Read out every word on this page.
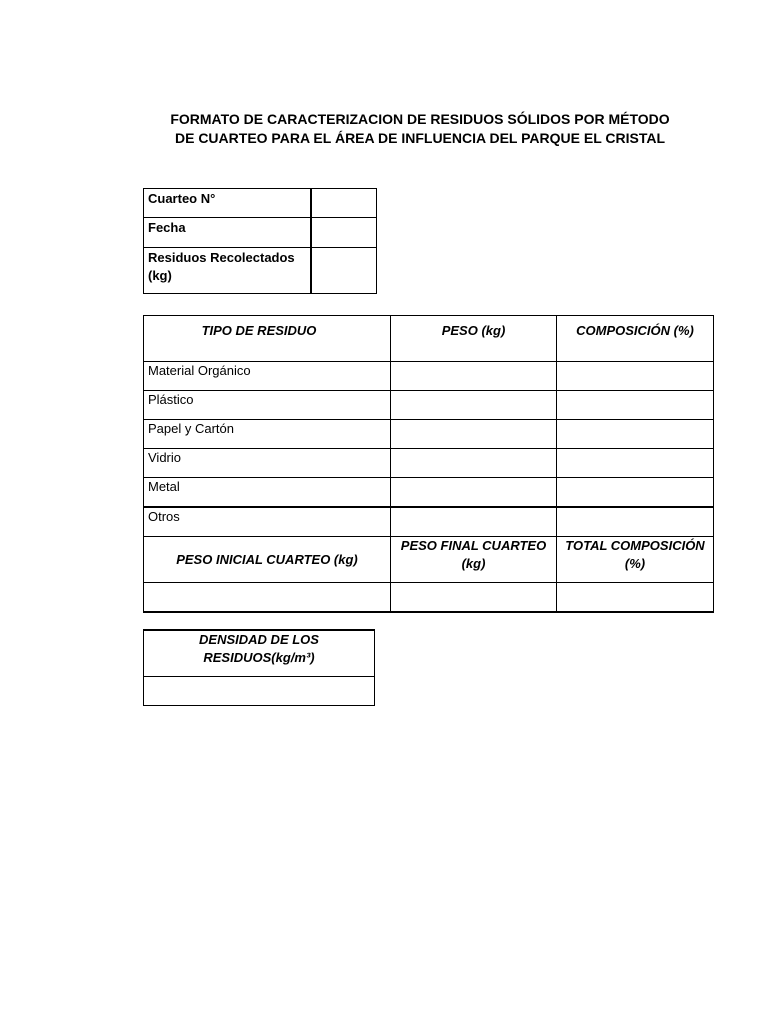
FORMATO DE CARACTERIZACION DE RESIDUOS SÓLIDOS POR MÉTODO
DE CUARTEO PARA EL ÁREA DE INFLUENCIA DEL PARQUE EL CRISTAL
Cuarteo N°	
Fecha	
Residuos Recolectados (kg)	
TIPO DE RESIDUO	PESO (kg)	COMPOSICIÓN (%)
Material Orgánico		
Plástico		
Papel y Cartón		
Vidrio		
Metal		
Otros		
PESO INICIAL CUARTEO (kg)	PESO FINAL CUARTEO (kg)	TOTAL COMPOSICIÓN (%)

DENSIDAD DE LOS RESIDUOS(kg/m³)
